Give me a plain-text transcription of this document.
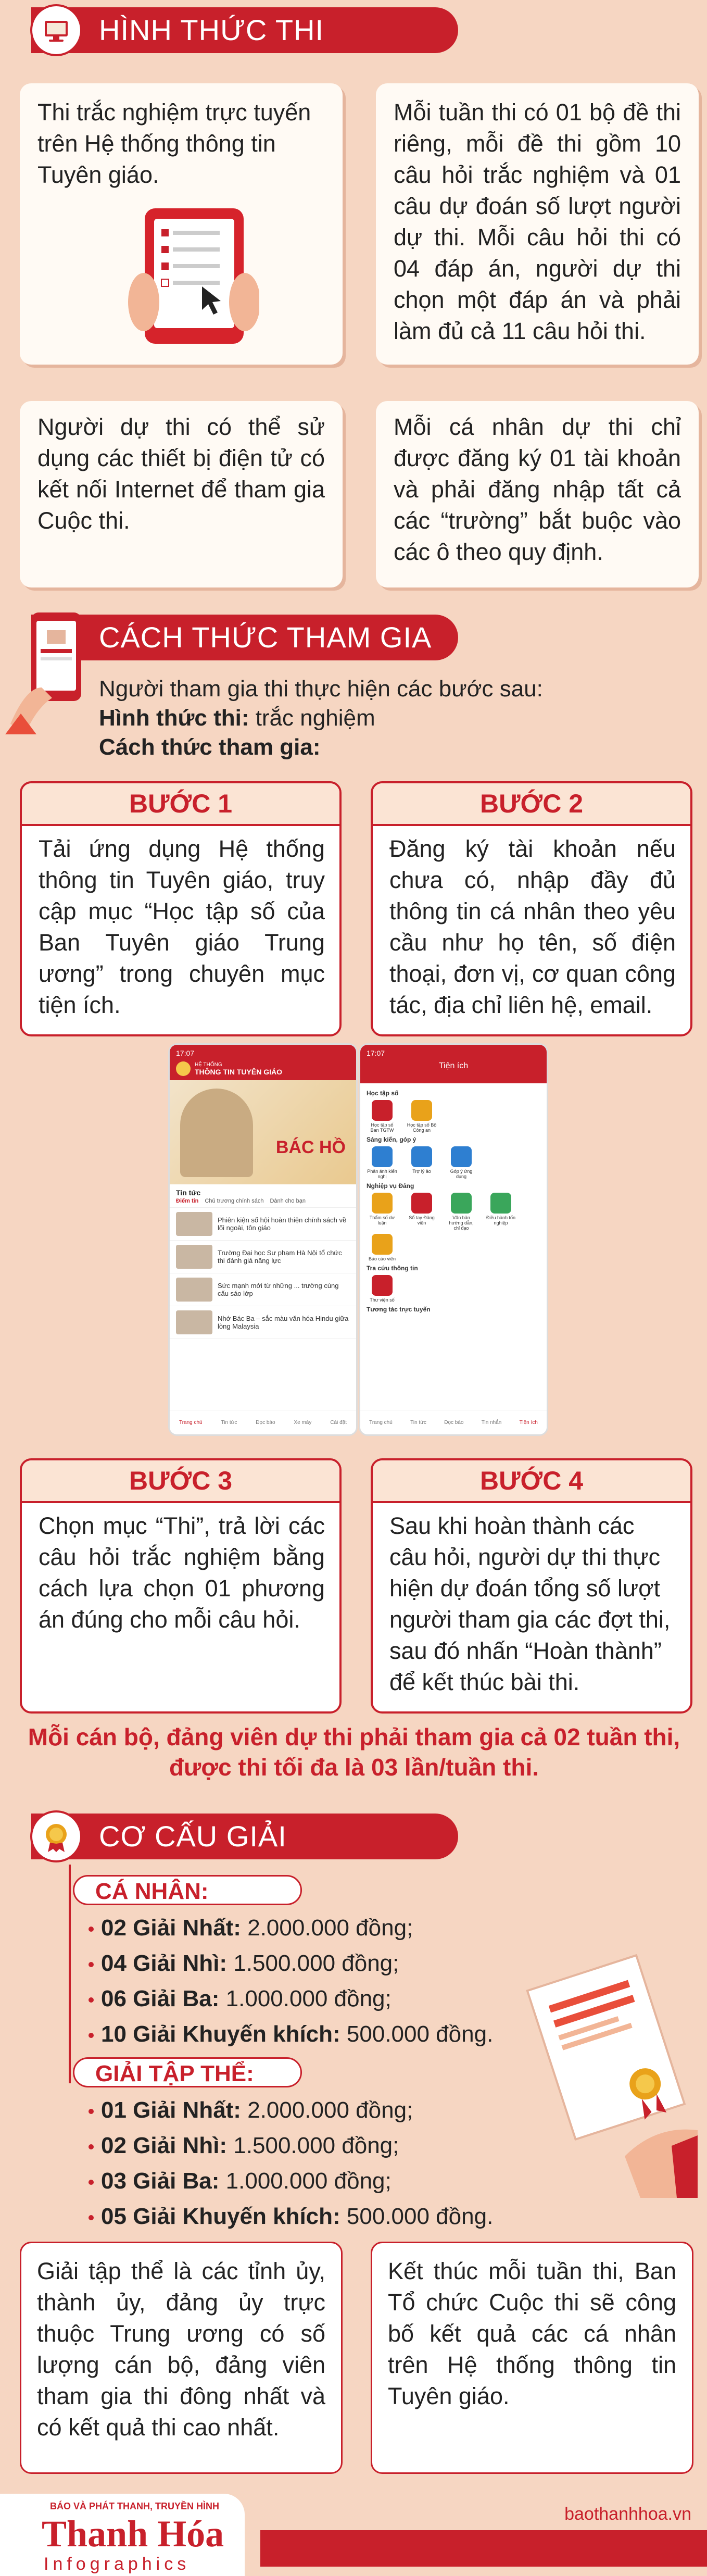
HÌNH THỨC THI
Thi trắc nghiệm trực tuyến trên Hệ thống thông tin Tuyên giáo.
Mỗi tuần thi có 01 bộ đề thi riêng, mỗi đề thi gồm 10 câu hỏi trắc nghiệm và 01 câu dự đoán số lượt người dự thi. Mỗi câu hỏi thi có 04 đáp án, người dự thi chọn một đáp án và phải làm đủ cả 11 câu hỏi thi.
Người dự thi có thể sử dụng các thiết bị điện tử có kết nối Internet để tham gia Cuộc thi.
Mỗi cá nhân dự thi chỉ được đăng ký 01 tài khoản và phải đăng nhập tất cả các “trường” bắt buộc vào các ô theo quy định.
CÁCH THỨC THAM GIA
Người tham gia thi thực hiện các bước sau:
Hình thức thi: trắc nghiệm
Cách thức tham gia:
BƯỚC 1
Tải ứng dụng Hệ thống thông tin Tuyên giáo, truy cập mục “Học tập số của Ban Tuyên giáo Trung ương” trong chuyên mục tiện ích.
BƯỚC 2
Đăng ký tài khoản nếu chưa có, nhập đầy đủ thông tin cá nhân theo yêu cầu như họ tên, số điện thoại, đơn vị, cơ quan công tác, địa chỉ liên hệ, email.
17:07
HỆ THỐNG
THÔNG TIN TUYÊN GIÁO
BÁC HỒ
Tin tức
Điểm tin Chủ trương chính sách Dành cho bạn
Phiên kiện số hội hoàn thiện chính sách về lối ngoài, tôn giáo
Trường Đại học Sư phạm Hà Nội tổ chức thi đánh giá năng lực
Sức mạnh mới từ những ... trường cùng cấu sáo lớp
Nhớ Bác Ba – sắc màu văn hóa Hindu giữa lòng Malaysia
Trang chủ	Tin tức	Đọc báo	Xe máy	Cài đặt
17:07
Tiện ích
Học tập số
Học tập số Ban TGTW
Học tập số Bộ Công an
Sáng kiến, góp ý
Phản ánh kiến nghị
Trợ lý ảo	Góp ý ứng dụng
Nghiệp vụ Đảng
Thẩm số dư luận
Sổ tay Đảng viên
Văn bản hướng dẫn, chỉ đạo
Điều hành tổn nghiệp
Bảo cáo viên
Tra cứu thông tin
Thư viện số
Tương tác trực tuyến
Trang chủ	Tin tức	Đọc báo	Tin nhắn	Tiện ích
BƯỚC 3
Chọn mục “Thi”, trả lời các câu hỏi trắc nghiệm bằng cách lựa chọn 01 phương án đúng cho mỗi câu hỏi.
BƯỚC 4
Sau khi hoàn thành các câu hỏi, người dự thi thực hiện dự đoán tổng số lượt người tham gia các đợt thi, sau đó nhấn “Hoàn thành” để kết thúc bài thi.
Mỗi cán bộ, đảng viên dự thi phải tham gia cả 02 tuần thi,
được thi tối đa là 03 lần/tuần thi.
CƠ CẤU GIẢI
CÁ NHÂN:
02 Giải Nhất: 2.000.000 đồng;
04 Giải Nhì: 1.500.000 đồng;
06 Giải Ba: 1.000.000 đồng;
10 Giải Khuyến khích: 500.000 đồng.
GIẢI TẬP THỂ:
01 Giải Nhất: 2.000.000 đồng;
02 Giải Nhì: 1.500.000 đồng;
03 Giải Ba: 1.000.000 đồng;
05 Giải Khuyến khích: 500.000 đồng.
Giải tập thể là các tỉnh ủy, thành ủy, đảng ủy trực thuộc Trung ương có số lượng cán bộ, đảng viên tham gia thi đông nhất và có kết quả thi cao nhất.
Kết thúc mỗi tuần thi, Ban Tổ chức Cuộc thi sẽ công bố kết quả các cá nhân trên Hệ thống thông tin Tuyên giáo.
BÁO VÀ PHÁT THANH, TRUYỀN HÌNH
Thanh Hóa
Infographics
baothanhhoa.vn
